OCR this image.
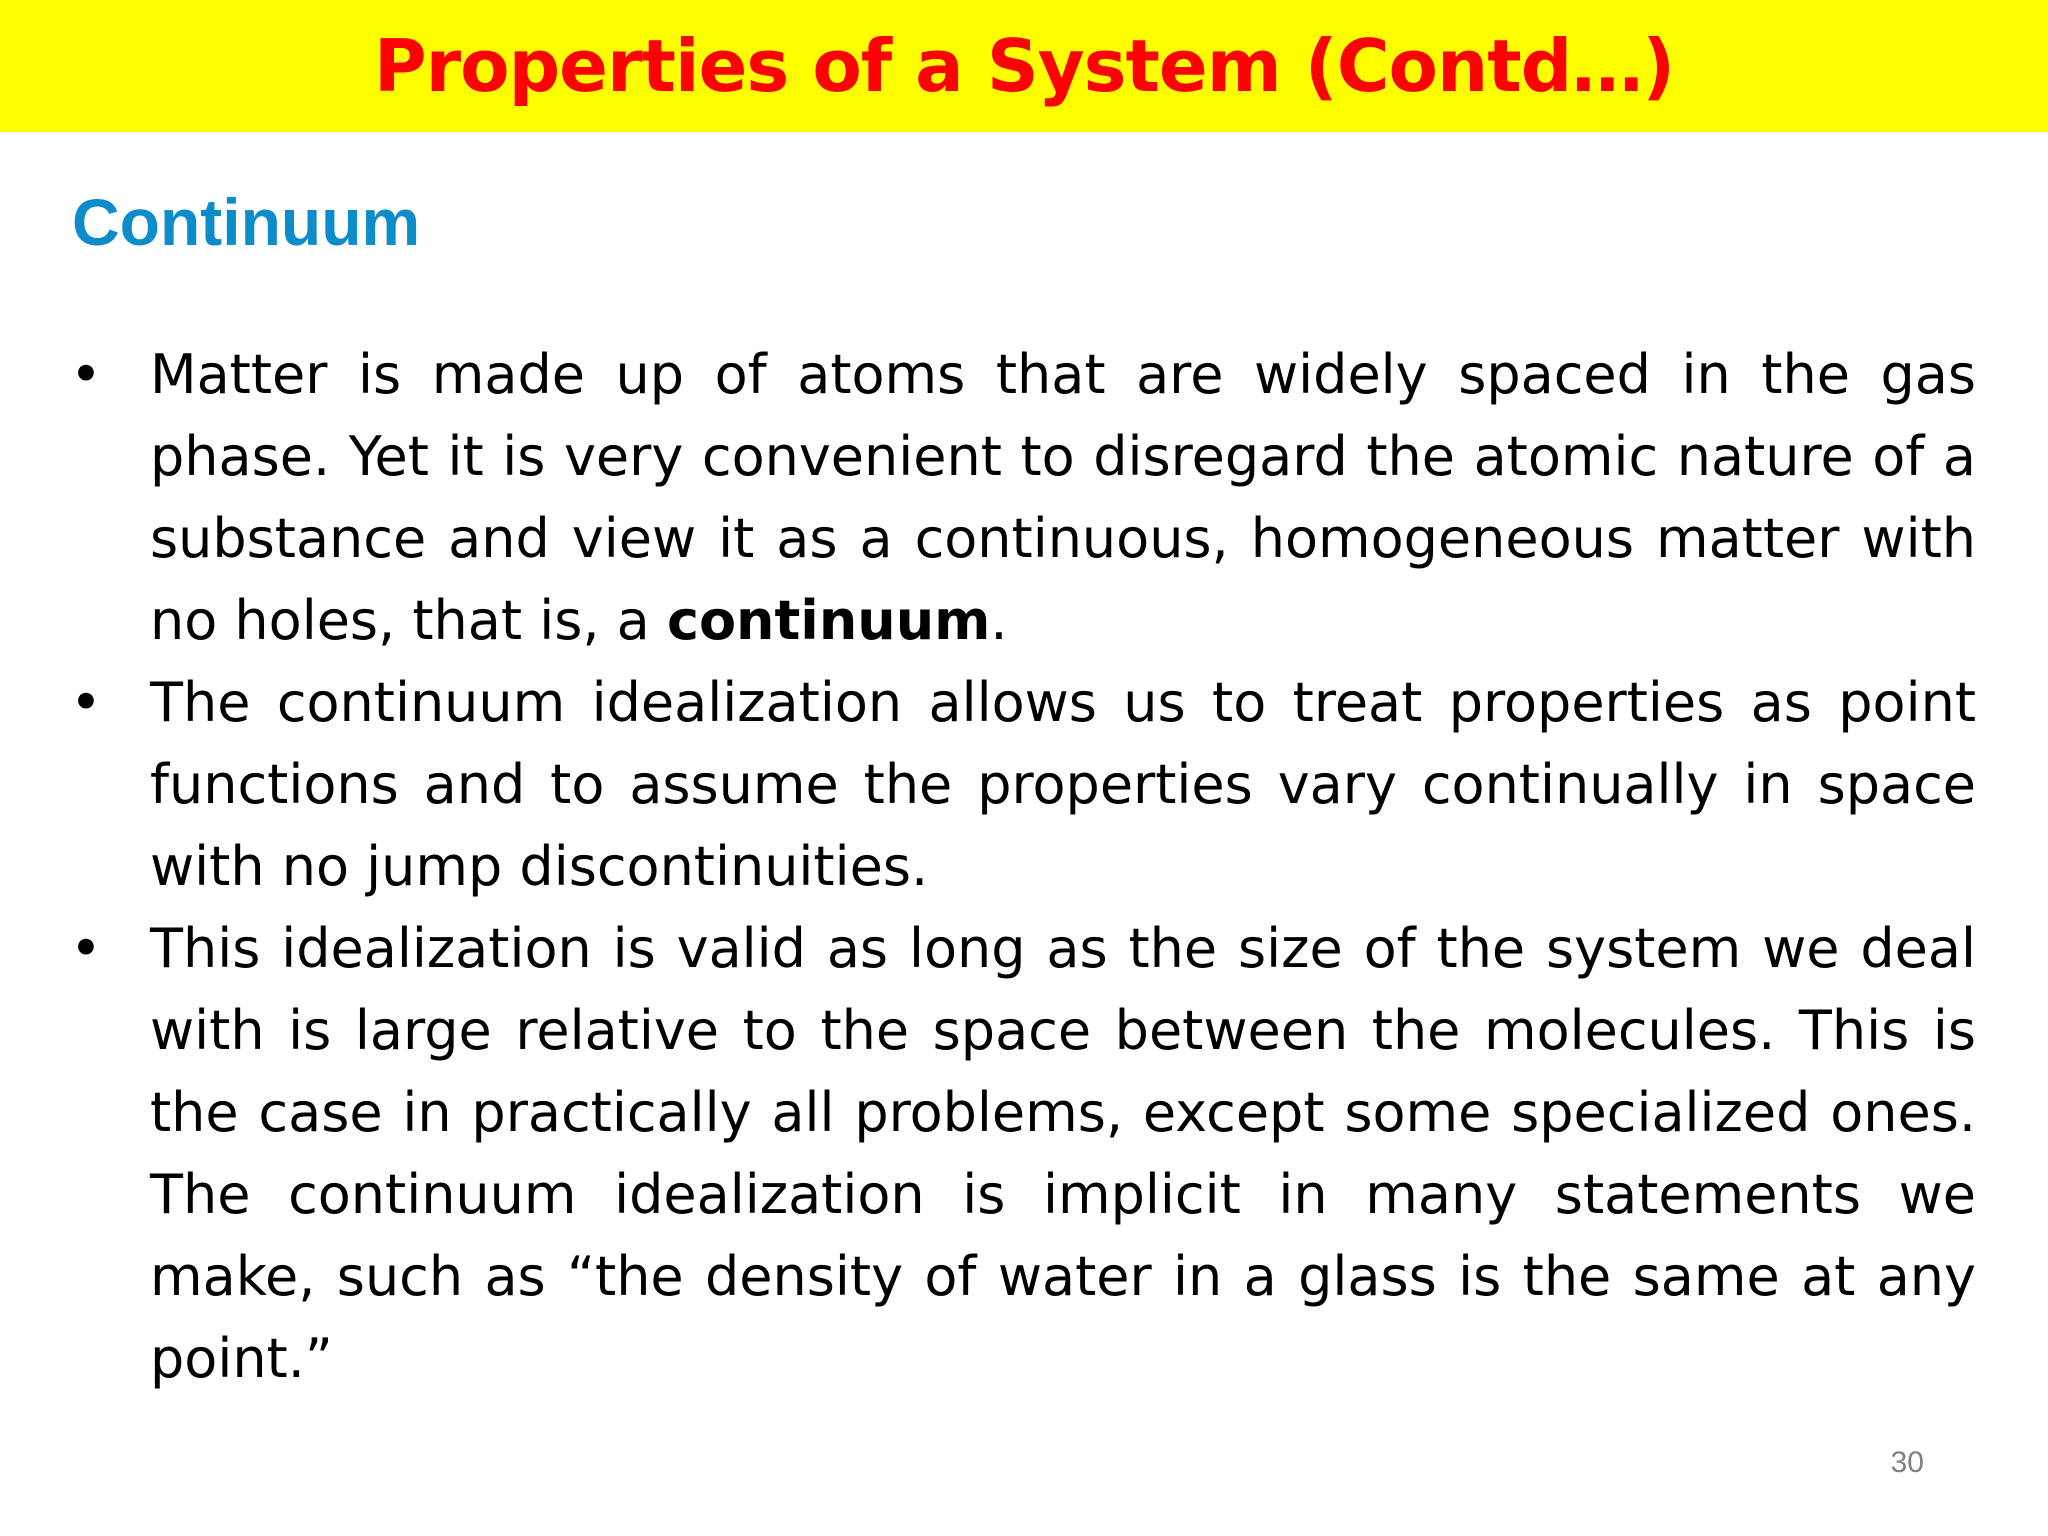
Properties of a System (Contd…)
Continuum
• Matter is made up of atoms that are widely spaced in the gas phase. Yet it is very convenient to disregard the atomic nature of a substance and view it as a continuous, homogeneous matter with no holes, that is, a continuum.
• The continuum idealization allows us to treat properties as point functions and to assume the properties vary continually in space with no jump discontinuities.
• This idealization is valid as long as the size of the system we deal with is large relative to the space between the molecules. This is the case in practically all problems, except some specialized ones. The continuum idealization is implicit in many statements we make, such as “the density of water in a glass is the same at any point.”
30
